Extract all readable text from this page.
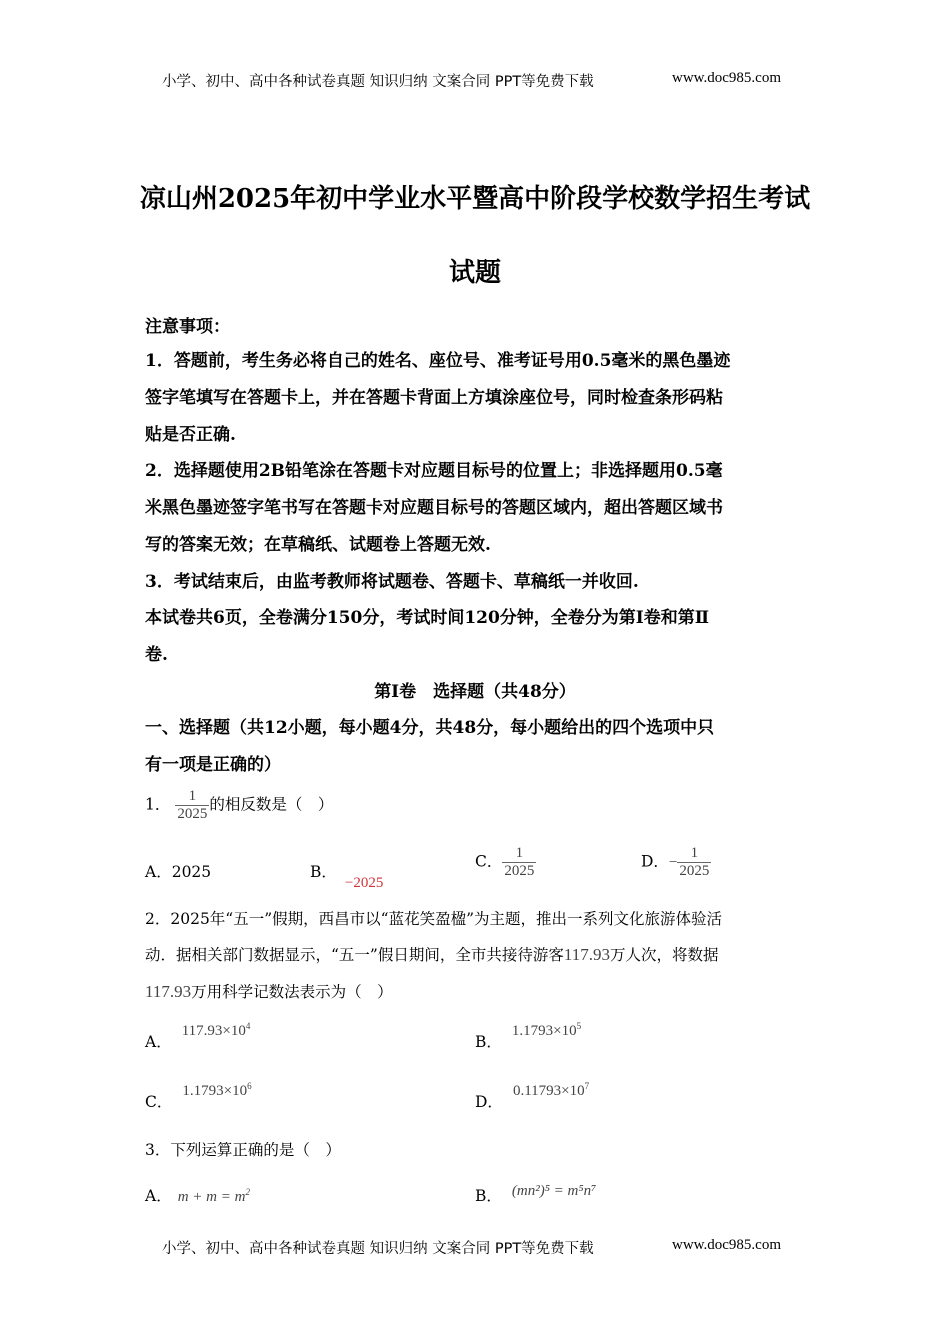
小学、初中、高中各种试卷真题 知识归纳 文案合同 PPT等免费下载	www.doc985.com
凉山州2025年初中学业水平暨高中阶段学校数学招生考试
试题
注意事项：
1．答题前，考生务必将自己的姓名、座位号、准考证号用0.5毫米的黑色墨迹
签字笔填写在答题卡上，并在答题卡背面上方填涂座位号，同时检查条形码粘
贴是否正确.
2．选择题使用2B铅笔涂在答题卡对应题目标号的位置上；非选择题用0.5毫
米黑色墨迹签字笔书写在答题卡对应题目标号的答题区域内，超出答题区域书
写的答案无效；在草稿纸、试题卷上答题无效.
3．考试结束后，由监考教师将试题卷、答题卡、草稿纸一并收回.
本试卷共6页，全卷满分150分，考试时间120分钟，全卷分为第Ⅰ卷和第Ⅱ
卷.
第Ⅰ卷　选择题（共48分）
一、选择题（共12小题，每小题4分，共48分，每小题给出的四个选项中只
有一项是正确的）
1． $\frac{1}{2025}$ 的相反数是（　）
A．2025	B．−2025
C． $\frac{1}{2025}$	D．− $\frac{1}{2025}$
2．2025年“五一”假期，西昌市以“蓝花笑盈楹”为主题，推出一系列文化旅游体验活
动．据相关部门数据显示，“五一”假日期间，全市共接待游客117.93万人次，将数据
117.93万用科学记数法表示为（　）
A．$117.93\times 10^4$
B．$1.1793\times 10^5$
C．$1.1793\times 10^6$
D．$0.11793\times 10^7$
3．下列运算正确的是（　）
A． $m + m = m^2$	B． (mn²)⁵ = m⁵n⁷
小学、初中、高中各种试卷真题 知识归纳 文案合同 PPT等免费下载	www.doc985.com
